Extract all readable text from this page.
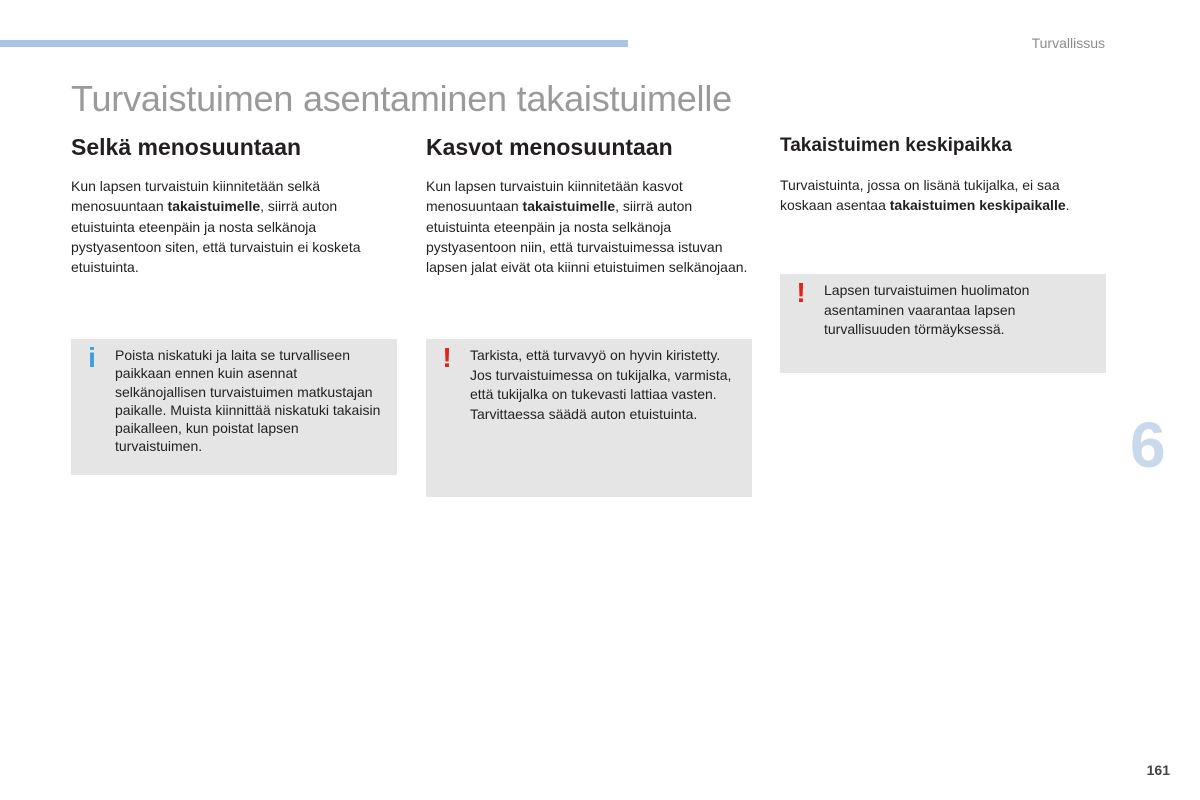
Turvallissus
Turvaistuimen asentaminen takaistuimelle
Selkä menosuuntaan

Kun lapsen turvaistuin kiinnitetään selkä menosuuntaan takaistuimelle, siirrä auton etuistuinta eteenpäin ja nosta selkänoja pystyasentoon siten, että turvaistuin ei kosketa etuistuinta.

Kasvot menosuuntaan

Kun lapsen turvaistuin kiinnitetään kasvot menosuuntaan takaistuimelle, siirrä auton etuistuinta eteenpäin ja nosta selkänoja pystyasentoon niin, että turvaistuimessa istuvan lapsen jalat eivät ota kiinni etuistuimen selkänojaan.

Takaistuimen keskipaikka

Turvaistuinta, jossa on lisänä tukijalka, ei saa koskaan asentaa takaistuimen keskipaikalle.

i	Poista niskatuki ja laita se turvalliseen paikkaan ennen kuin asennat selkänojallisen turvaistuimen matkustajan paikalle. Muista kiinnittää niskatuki takaisin paikalleen, kun poistat lapsen turvaistuimen.

!	Tarkista, että turvavyö on hyvin kiristetty.
Jos turvaistuimessa on tukijalka, varmista, että tukijalka on tukevasti lattiaa vasten. Tarvittaessa säädä auton etuistuinta.

!	Lapsen turvaistuimen huolimaton asentaminen vaarantaa lapsen turvallisuuden törmäyksessä.

6
161
